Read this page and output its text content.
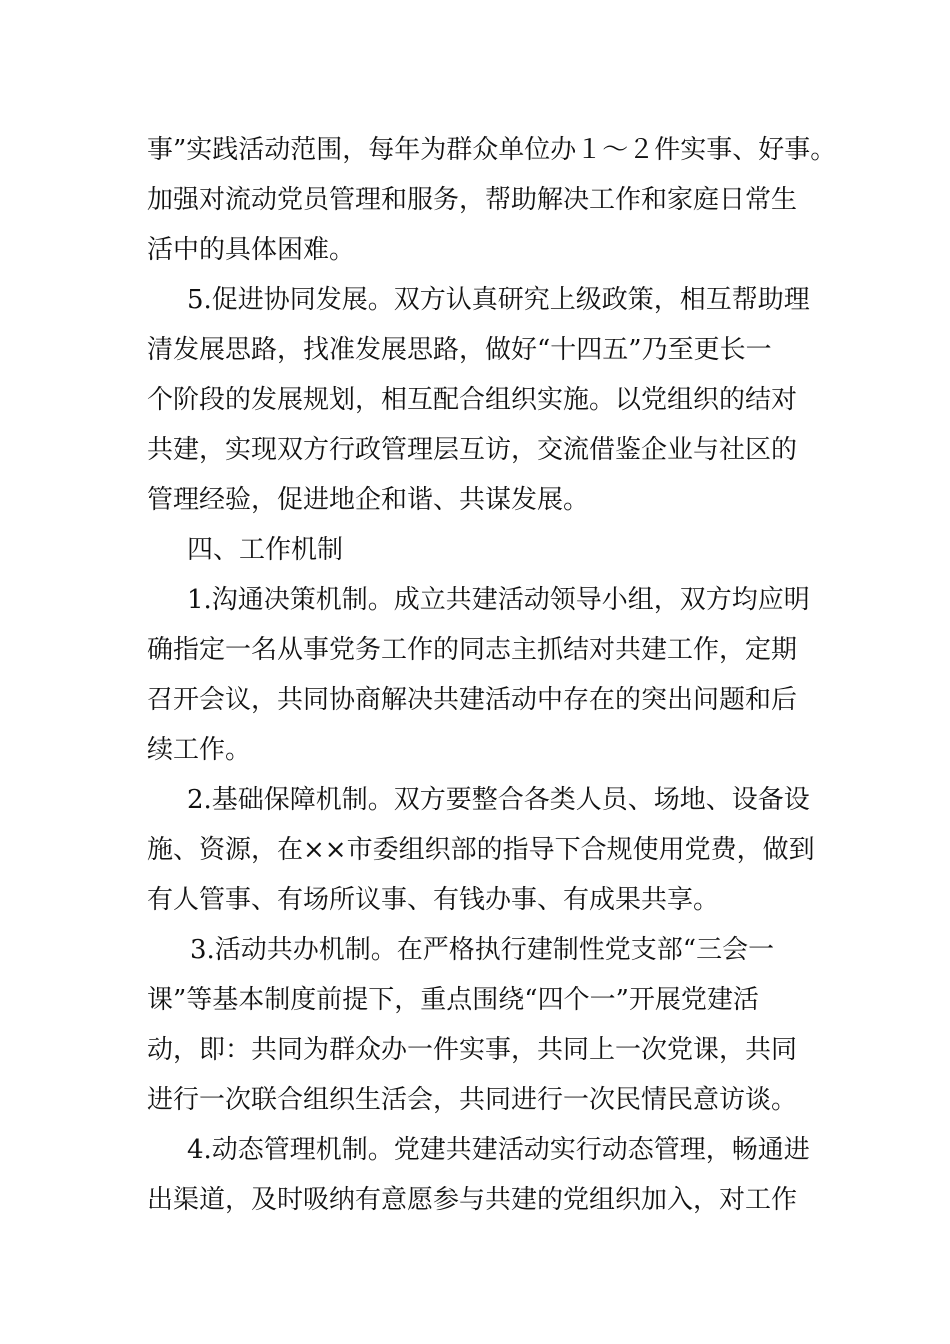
事”实践活动范围，每年为群众单位办１～２件实事、好事。
加强对流动党员管理和服务，帮助解决工作和家庭日常生
活中的具体困难。
5.促进协同发展。双方认真研究上级政策，相互帮助理
清发展思路，找准发展思路，做好“十四五”乃至更长一
个阶段的发展规划，相互配合组织实施。以党组织的结对
共建，实现双方行政管理层互访，交流借鉴企业与社区的
管理经验，促进地企和谐、共谋发展。
四、工作机制
1.沟通决策机制。成立共建活动领导小组，双方均应明
确指定一名从事党务工作的同志主抓结对共建工作，定期
召开会议，共同协商解决共建活动中存在的突出问题和后
续工作。
2.基础保障机制。双方要整合各类人员、场地、设备设
施、资源，在××市委组织部的指导下合规使用党费，做到
有人管事、有场所议事、有钱办事、有成果共享。
3.活动共办机制。在严格执行建制性党支部“三会一
课”等基本制度前提下，重点围绕“四个一”开展党建活
动，即：共同为群众办一件实事，共同上一次党课，共同
进行一次联合组织生活会，共同进行一次民情民意访谈。
4.动态管理机制。党建共建活动实行动态管理，畅通进
出渠道，及时吸纳有意愿参与共建的党组织加入，对工作
